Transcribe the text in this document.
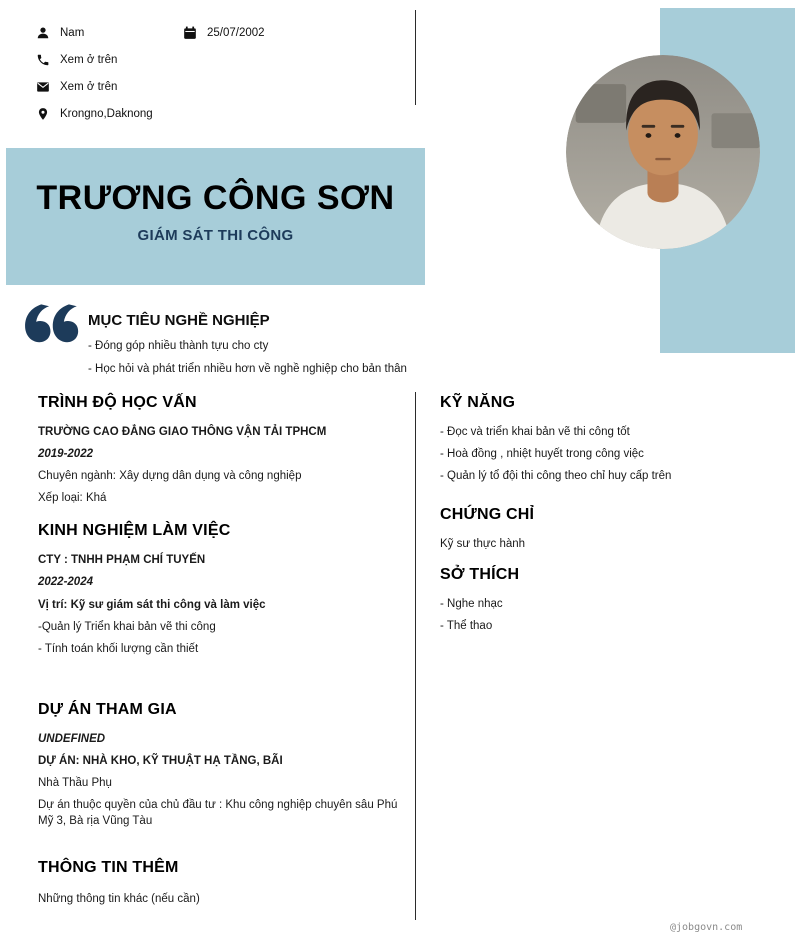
Nam	25/07/2002
Xem ở trên
Xem ở trên
Krongno,Daknong
TRƯƠNG CÔNG SƠN
GIÁM SÁT THI CÔNG
MỤC TIÊU NGHỀ NGHIỆP

- Đóng góp nhiều thành tựu cho cty

- Học hỏi và phát triển nhiều hơn về nghề nghiệp cho bản thân

TRÌNH ĐỘ HỌC VẤN

TRƯỜNG CAO ĐẲNG GIAO THÔNG VẬN TẢI TPHCM

2019-2022

Chuyên ngành: Xây dựng dân dụng và công nghiệp

Xếp loại: Khá

KINH NGHIỆM LÀM VIỆC

CTY : TNHH PHẠM CHÍ TUYẾN

2022-2024

Vị trí: Kỹ sư giám sát thi công và làm việc

-Quản lý Triển khai bản vẽ thi công

- Tính toán khối lượng cần thiết

DỰ ÁN THAM GIA

UNDEFINED

DỰ ÁN: NHÀ KHO, KỸ THUẬT HẠ TẦNG, BÃI

Nhà Thầu Phụ

Dự án thuộc quyền của chủ đầu tư : Khu công nghiệp chuyên sâu Phú Mỹ 3, Bà rịa Vũng Tàu

THÔNG TIN THÊM

Những thông tin khác (nếu cần)

KỸ NĂNG

- Đọc và triển khai bản vẽ thi công tốt

- Hoà đồng , nhiệt huyết trong công việc

- Quản lý tổ đội thi công theo chỉ huy cấp trên

CHỨNG CHỈ

Kỹ sư thực hành

SỞ THÍCH

- Nghe nhạc

- Thể thao

@jobgovn.com
